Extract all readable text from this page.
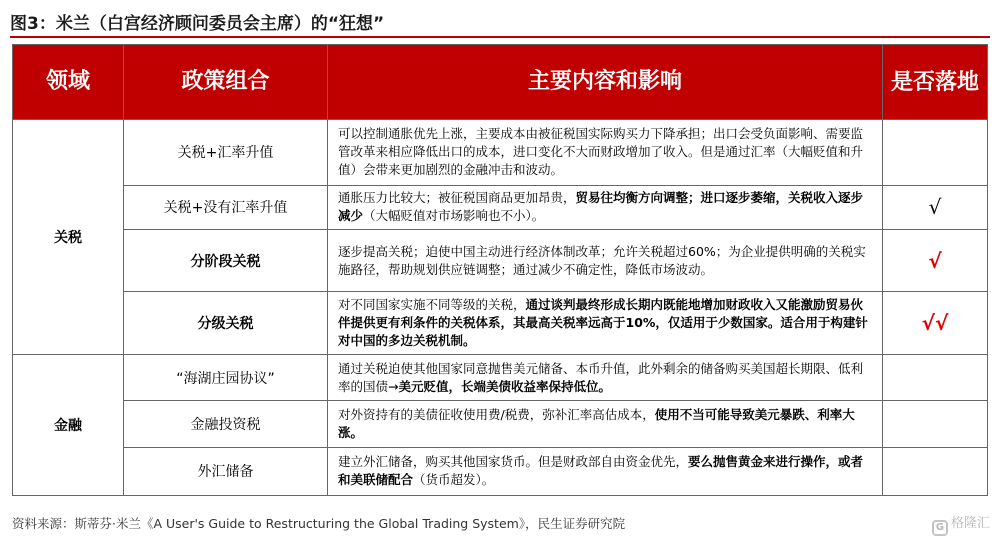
图3：米兰（白宫经济顾问委员会主席）的“狂想”
领域	政策组合	主要内容和影响	是否落地
关税	关税+汇率升值	可以控制通胀优先上涨，主要成本由被征税国实际购买力下降承担；出口会受负面影响、需要监管改革来相应降低出口的成本，进口变化不大而财政增加了收入。但是通过汇率（大幅贬值和升值）会带来更加剧烈的金融冲击和波动。	
	关税+没有汇率升值	通胀压力比较大；被征税国商品更加昂贵，贸易往均衡方向调整；进口逐步萎缩，关税收入逐步减少（大幅贬值对市场影响也不小）。	√
	分阶段关税	逐步提高关税；迫使中国主动进行经济体制改革；允许关税超过60%；为企业提供明确的关税实施路径，帮助规划供应链调整；通过减少不确定性，降低市场波动。	√
	分级关税	对不同国家实施不同等级的关税，通过谈判最终形成长期内既能地增加财政收入又能激励贸易伙伴提供更有利条件的关税体系，其最高关税率远高于10%，仅适用于少数国家。适合用于构建针对中国的多边关税机制。	√√
金融	“海湖庄园协议”	通过关税迫使其他国家同意抛售美元储备、本币升值，此外剩余的储备购买美国超长期限、低利率的国债→美元贬值，长端美债收益率保持低位。	
	金融投资税	对外资持有的美债征收使用费/税费，弥补汇率高估成本，使用不当可能导致美元暴跌、利率大涨。	
	外汇储备	建立外汇储备，购买其他国家货币。但是财政部自由资金优先，要么抛售黄金来进行操作，或者和美联储配合（货币超发）。	
资料来源：斯蒂芬·米兰《A User's Guide to Restructuring the Global Trading System》，民生证券研究院	G 格隆汇
